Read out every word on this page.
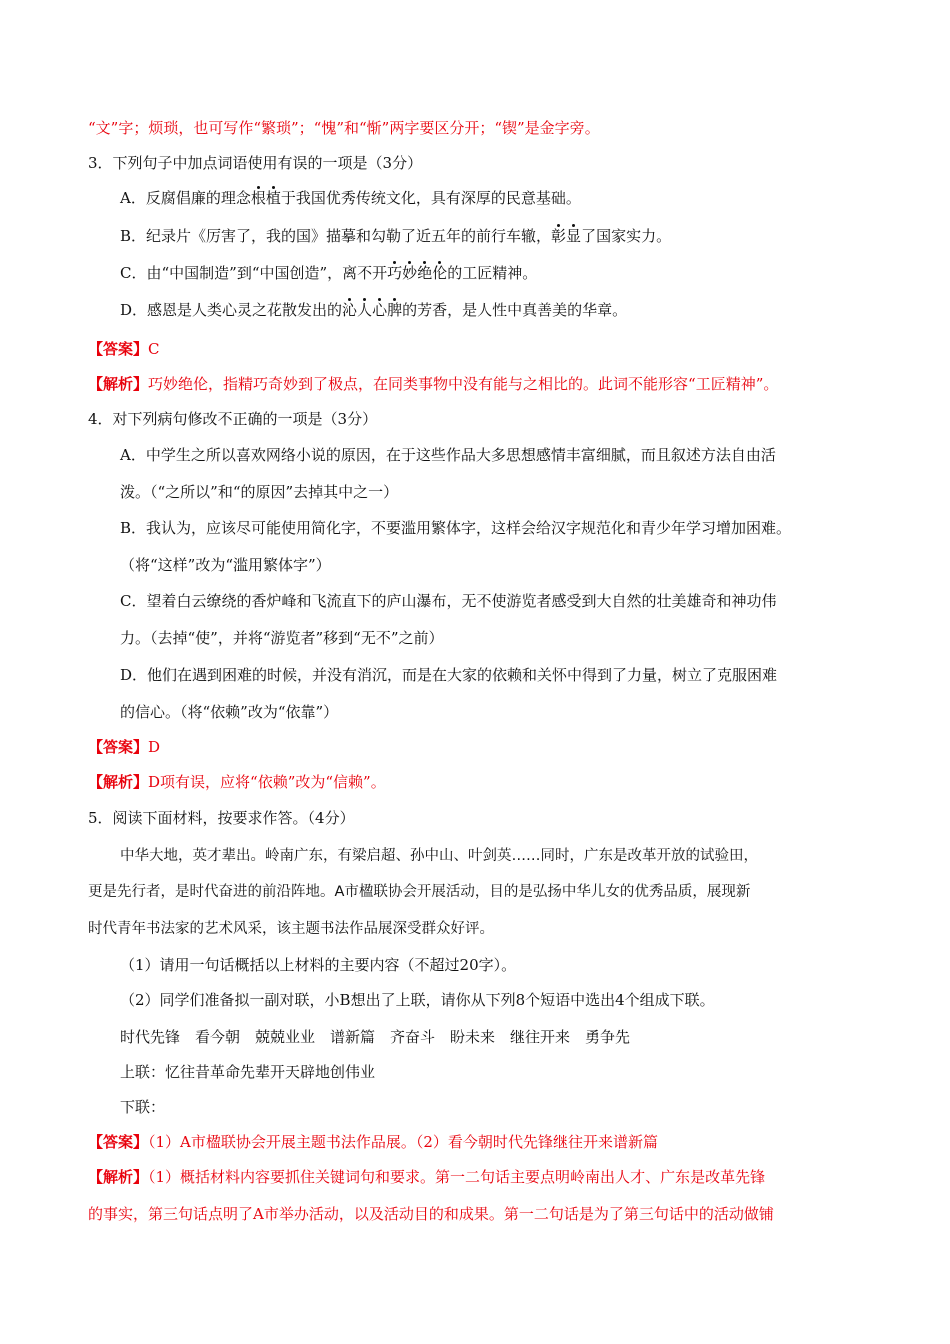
“文”字；烦琐，也可写作“繁琐”；“愧”和“惭”两字要区分开；“锲”是金字旁。
3．下列句子中加点词语使用有误的一项是（3分）
A．反腐倡廉的理念根植于我国优秀传统文化，具有深厚的民意基础。
B．纪录片《厉害了，我的国》描摹和勾勒了近五年的前行车辙，彰显了国家实力。
C．由“中国制造”到“中国创造”，离不开巧妙绝伦的工匠精神。
D．感恩是人类心灵之花散发出的沁人心脾的芳香，是人性中真善美的华章。
【答案】C
【解析】巧妙绝伦，指精巧奇妙到了极点，在同类事物中没有能与之相比的。此词不能形容“工匠精神”。
4．对下列病句修改不正确的一项是（3分）
A．中学生之所以喜欢网络小说的原因，在于这些作品大多思想感情丰富细腻，而且叙述方法自由活
泼。（“之所以”和“的原因”去掉其中之一）
B．我认为，应该尽可能使用简化字，不要滥用繁体字，这样会给汉字规范化和青少年学习增加困难。
（将“这样”改为“滥用繁体字”）
C．望着白云缭绕的香炉峰和飞流直下的庐山瀑布，无不使游览者感受到大自然的壮美雄奇和神功伟
力。（去掉“使”，并将“游览者”移到“无不”之前）
D．他们在遇到困难的时候，并没有消沉，而是在大家的依赖和关怀中得到了力量，树立了克服困难
的信心。（将“依赖”改为“依靠”）
【答案】D
【解析】D项有误，应将“依赖”改为“信赖”。
5．阅读下面材料，按要求作答。（4分）
中华大地，英才辈出。岭南广东，有梁启超、孙中山、叶剑英……同时，广东是改革开放的试验田，
更是先行者，是时代奋进的前沿阵地。A市楹联协会开展活动，目的是弘扬中华儿女的优秀品质，展现新
时代青年书法家的艺术风采，该主题书法作品展深受群众好评。
（1）请用一句话概括以上材料的主要内容（不超过20字）。
（2）同学们准备拟一副对联，小B想出了上联，请你从下列8个短语中选出4个组成下联。
时代先锋　看今朝　兢兢业业　谱新篇　齐奋斗　盼未来　继往开来　勇争先
上联：忆往昔革命先辈开天辟地创伟业
下联：
【答案】（1）A市楹联协会开展主题书法作品展。（2）看今朝时代先锋继往开来谱新篇
【解析】（1）概括材料内容要抓住关键词句和要求。第一二句话主要点明岭南出人才、广东是改革先锋
的事实，第三句话点明了A市举办活动，以及活动目的和成果。第一二句话是为了第三句话中的活动做铺
